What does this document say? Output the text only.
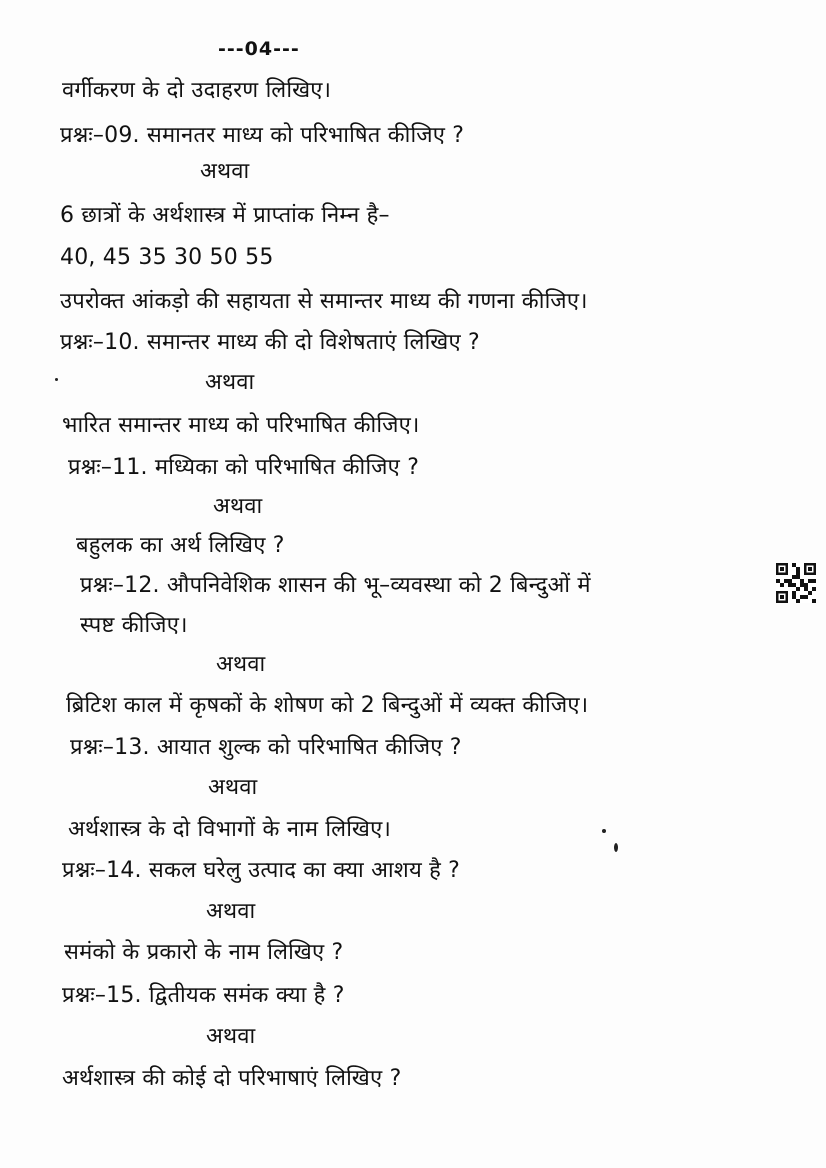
---04---
वर्गीकरण के दो उदाहरण लिखिए।
प्रश्नः–09. समानतर माध्य को परिभाषित कीजिए ?
अथवा
6 छात्रों के अर्थशास्त्र में प्राप्तांक निम्न है–
40, 45 35 30 50 55
उपरोक्त आंकड़ो की सहायता से समान्तर माध्य की गणना कीजिए।
प्रश्नः–10. समान्तर माध्य की दो विशेषताएं लिखिए ?
अथवा
भारित समान्तर माध्य को परिभाषित कीजिए।
प्रश्नः–11. मध्यिका को परिभाषित कीजिए ?
अथवा
बहुलक का अर्थ लिखिए ?
प्रश्नः–12. औपनिवेशिक शासन की भू–व्यवस्था को 2 बिन्दुओं में
स्पष्ट कीजिए।
अथवा
ब्रिटिश काल में कृषकों के शोषण को 2 बिन्दुओं में व्यक्त कीजिए।
प्रश्नः–13. आयात शुल्क को परिभाषित कीजिए ?
अथवा
अर्थशास्त्र के दो विभागों के नाम लिखिए।
प्रश्नः–14. सकल घरेलु उत्पाद का क्या आशय है ?
अथवा
समंको के प्रकारो के नाम लिखिए ?
प्रश्नः–15. द्वितीयक समंक क्या है ?
अथवा
अर्थशास्त्र की कोई दो परिभाषाएं लिखिए ?
